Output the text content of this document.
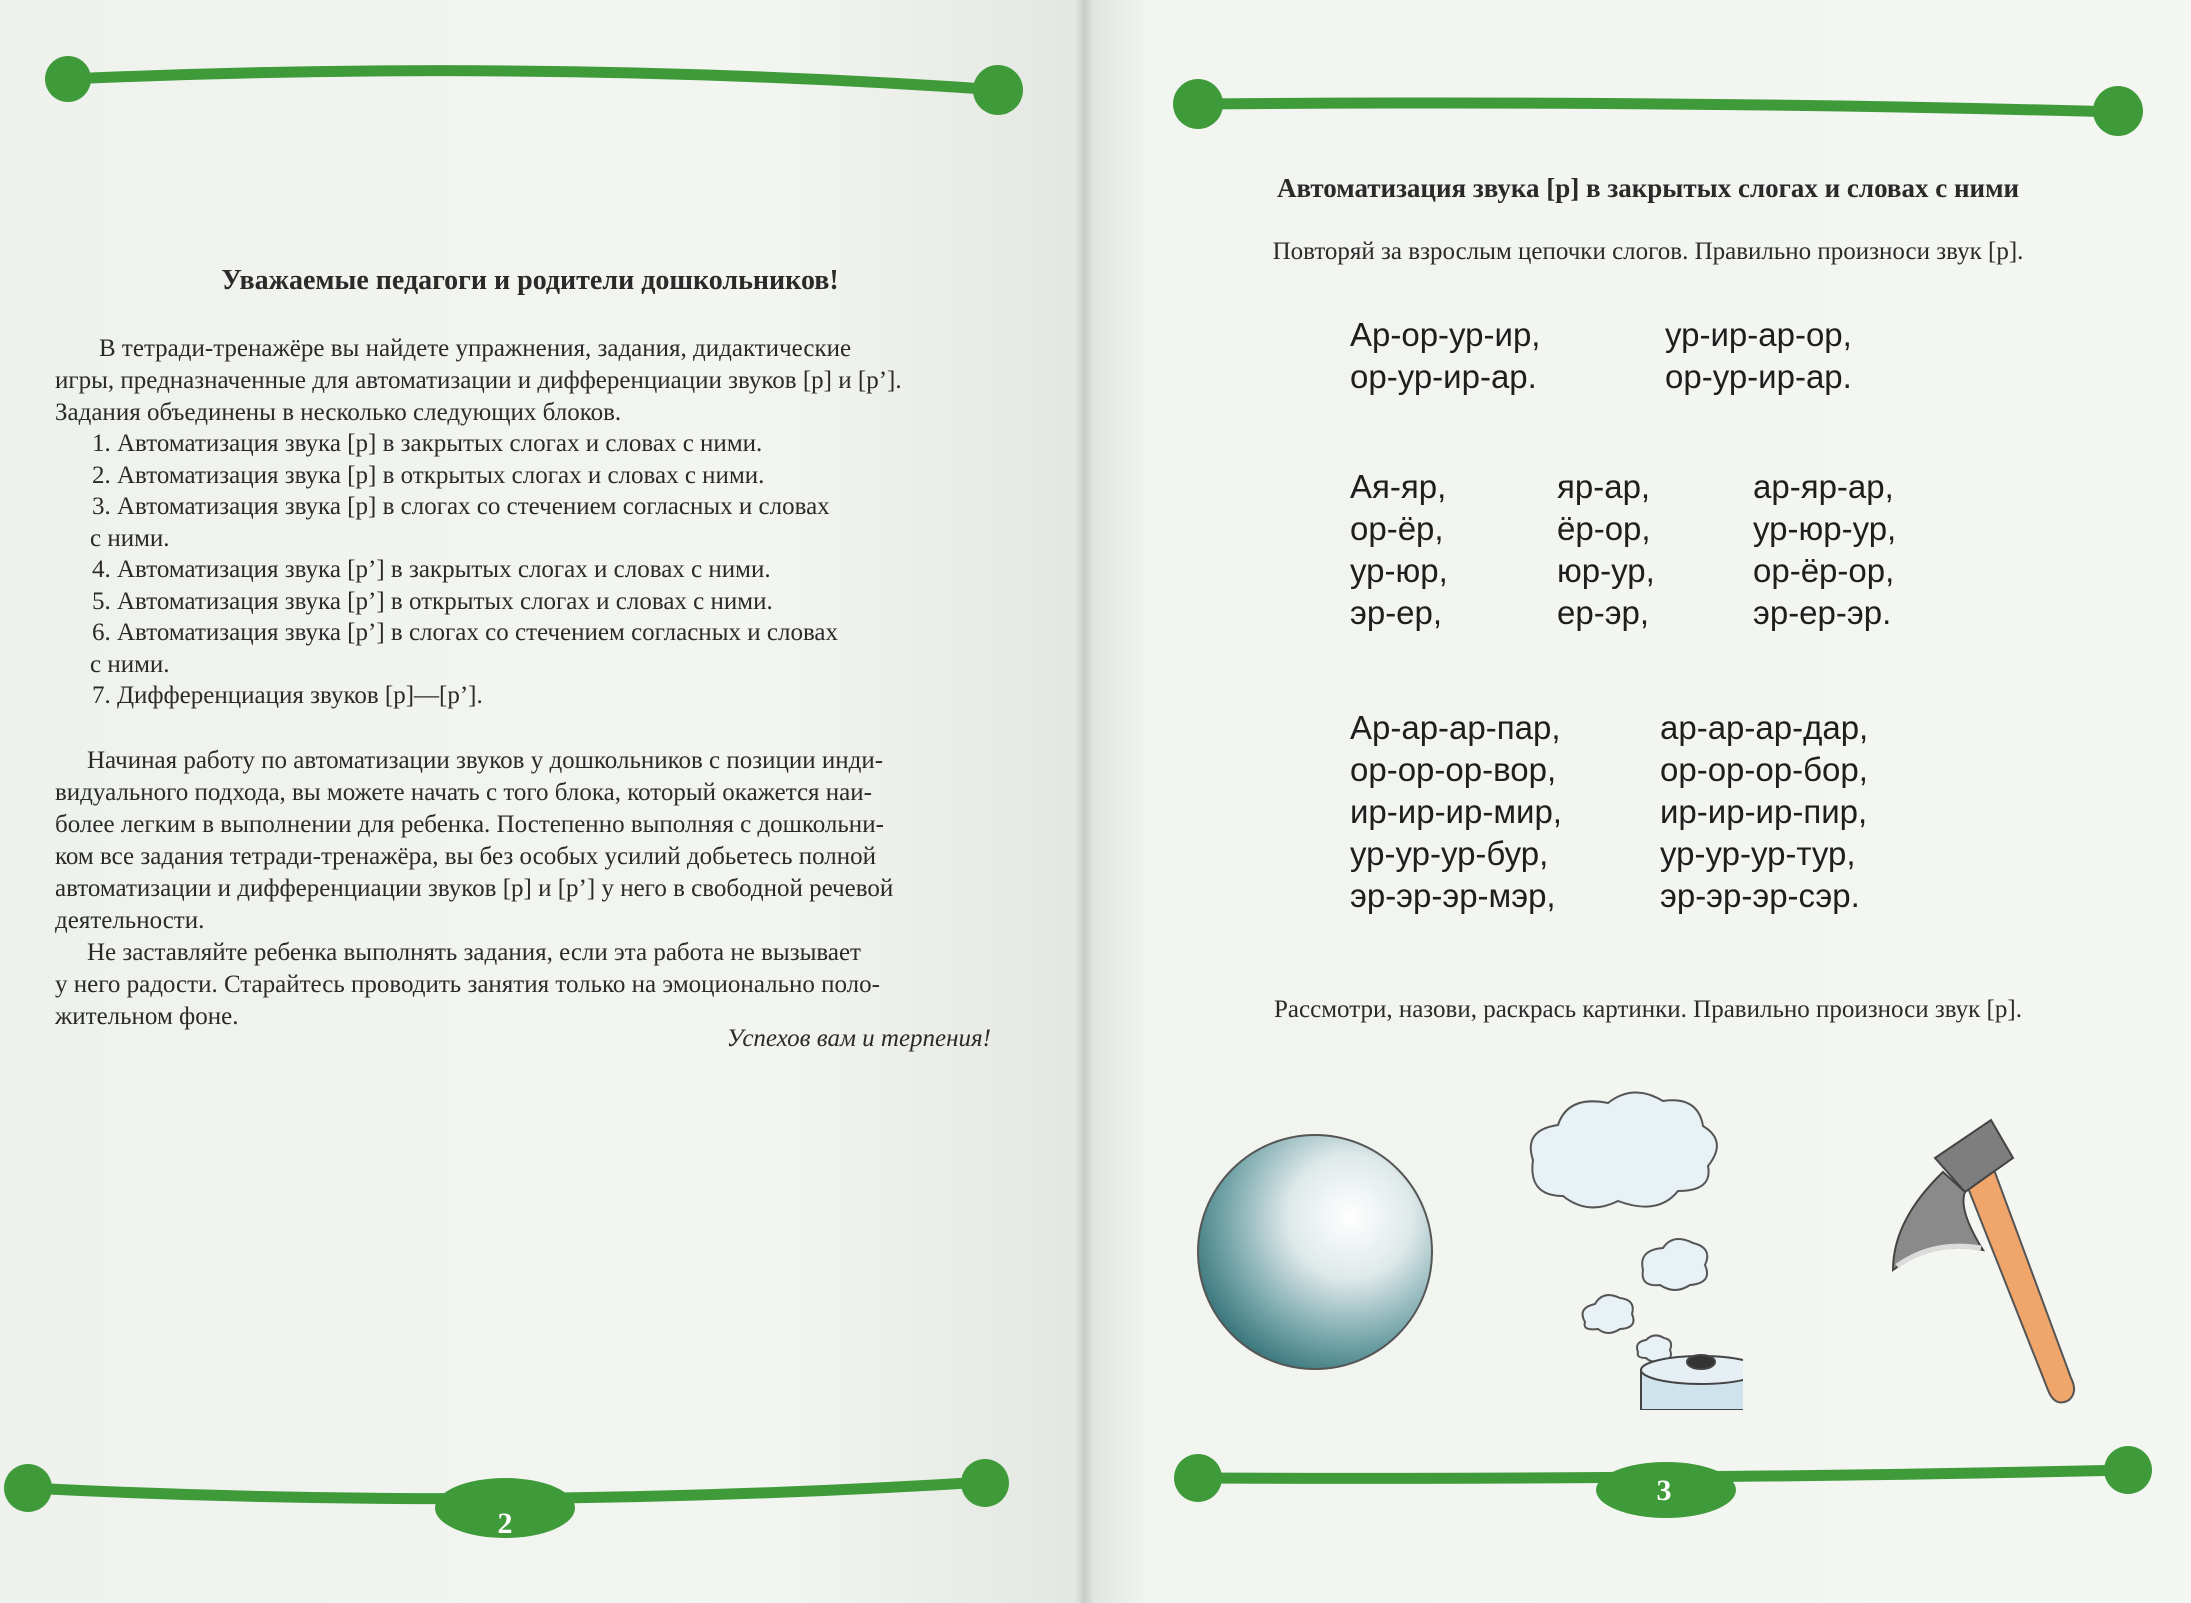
Уважаемые педагоги и родители дошкольников!

В тетради-тренажёре вы найдете упражнения, задания, дидактические

игры, предназначенные для автоматизации и дифференциации звуков [р] и [р’].

Задания объединены в несколько следующих блоков.

1. Автоматизация звука [р] в закрытых слогах и словах с ними.
2. Автоматизация звука [р] в открытых слогах и словах с ними.
3. Автоматизация звука [р] в слогах со стечением согласных и словах
с ними.
4. Автоматизация звука [р’] в закрытых слогах и словах с ними.
5. Автоматизация звука [р’] в открытых слогах и словах с ними.
6. Автоматизация звука [р’] в слогах со стечением согласных и словах
с ними.
7. Дифференциация звуков [р]—[р’].

Начиная работу по автоматизации звуков у дошкольников с позиции инди-

видуального подхода, вы можете начать с того блока, который окажется наи-

более легким в выполнении для ребенка. Постепенно выполняя с дошкольни-

ком все задания тетради-тренажёра, вы без особых усилий добьетесь полной

автоматизации и дифференциации звуков [р] и [р’] у него в свободной речевой

деятельности.

Не заставляйте ребенка выполнять задания, если эта работа не вызывает

у него радости. Старайтесь проводить занятия только на эмоционально поло-

жительном фоне.

Успехов вам и терпения!
2
Автоматизация звука [р] в закрытых слогах и словах с ними
Повторяй за взрослым цепочки слогов. Правильно произноси звук [р].
Ар-ор-ур-ир,
ор-ур-ир-ар.
ур-ир-ар-ор,
ор-ур-ир-ар.
Ая-яр,
ор-ёр,
ур-юр,
эр-ер,
яр-ар,
ёр-ор,
юр-ур,
ер-эр,
ар-яр-ар,
ур-юр-ур,
ор-ёр-ор,
эр-ер-эр.
Ар-ар-ар-пар,
ор-ор-ор-вор,
ир-ир-ир-мир,
ур-ур-ур-бур,
эр-эр-эр-мэр,
ар-ар-ар-дар,
ор-ор-ор-бор,
ир-ир-ир-пир,
ур-ур-ур-тур,
эр-эр-эр-сэр.
Рассмотри, назови, раскрась картинки. Правильно произноси звук [р].
3
